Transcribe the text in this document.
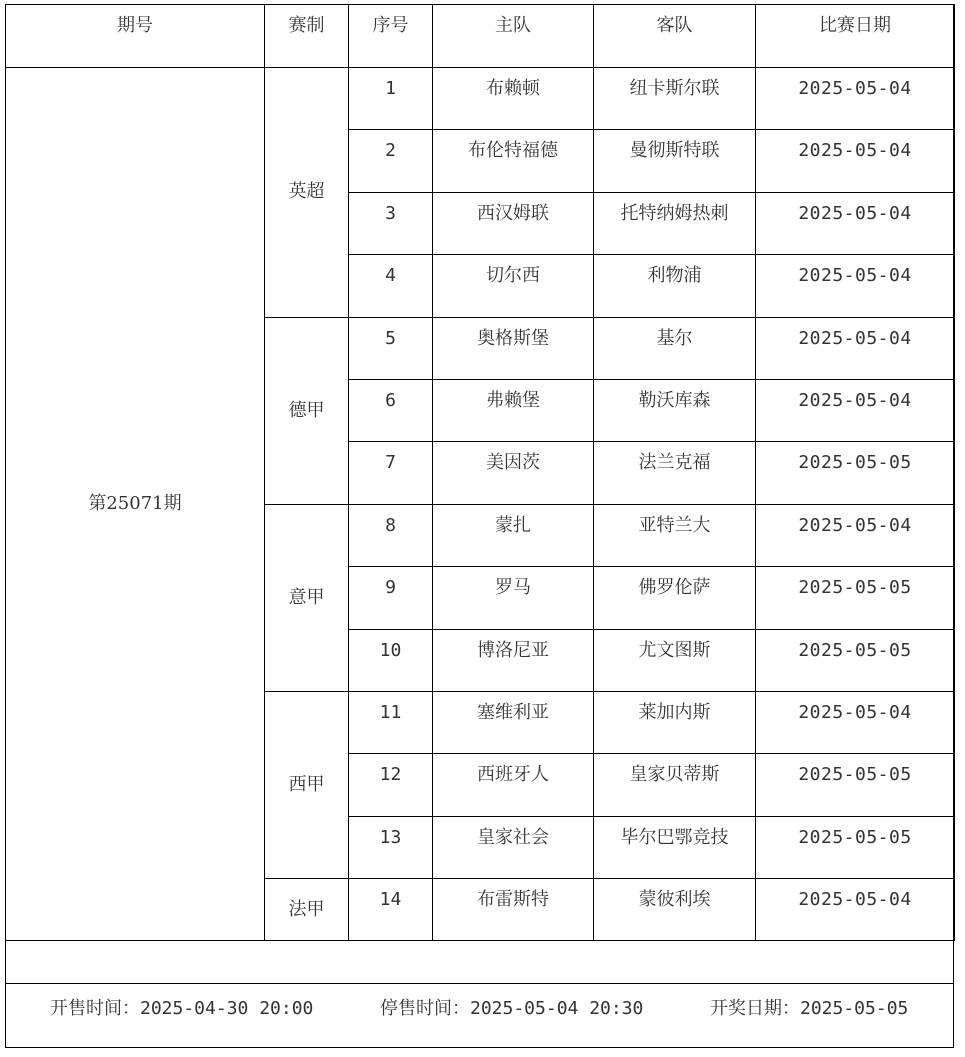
期号	赛制	序号	主队	客队	比赛日期
第25071期	英超	1	布赖顿	纽卡斯尔联	2025-05-04
		2	布伦特福德	曼彻斯特联	2025-05-04
		3	西汉姆联	托特纳姆热刺	2025-05-04
		4	切尔西	利物浦	2025-05-04
	德甲	5	奥格斯堡	基尔	2025-05-04
		6	弗赖堡	勒沃库森	2025-05-04
		7	美因茨	法兰克福	2025-05-05
	意甲	8	蒙扎	亚特兰大	2025-05-04
		9	罗马	佛罗伦萨	2025-05-05
		10	博洛尼亚	尤文图斯	2025-05-05
	西甲	11	塞维利亚	莱加内斯	2025-05-04
		12	西班牙人	皇家贝蒂斯	2025-05-05
		13	皇家社会	毕尔巴鄂竞技	2025-05-05
	法甲	14	布雷斯特	蒙彼利埃	2025-05-04
开售时间：2025-04-30 20:00	停售时间：2025-05-04 20:30	开奖日期：2025-05-05
